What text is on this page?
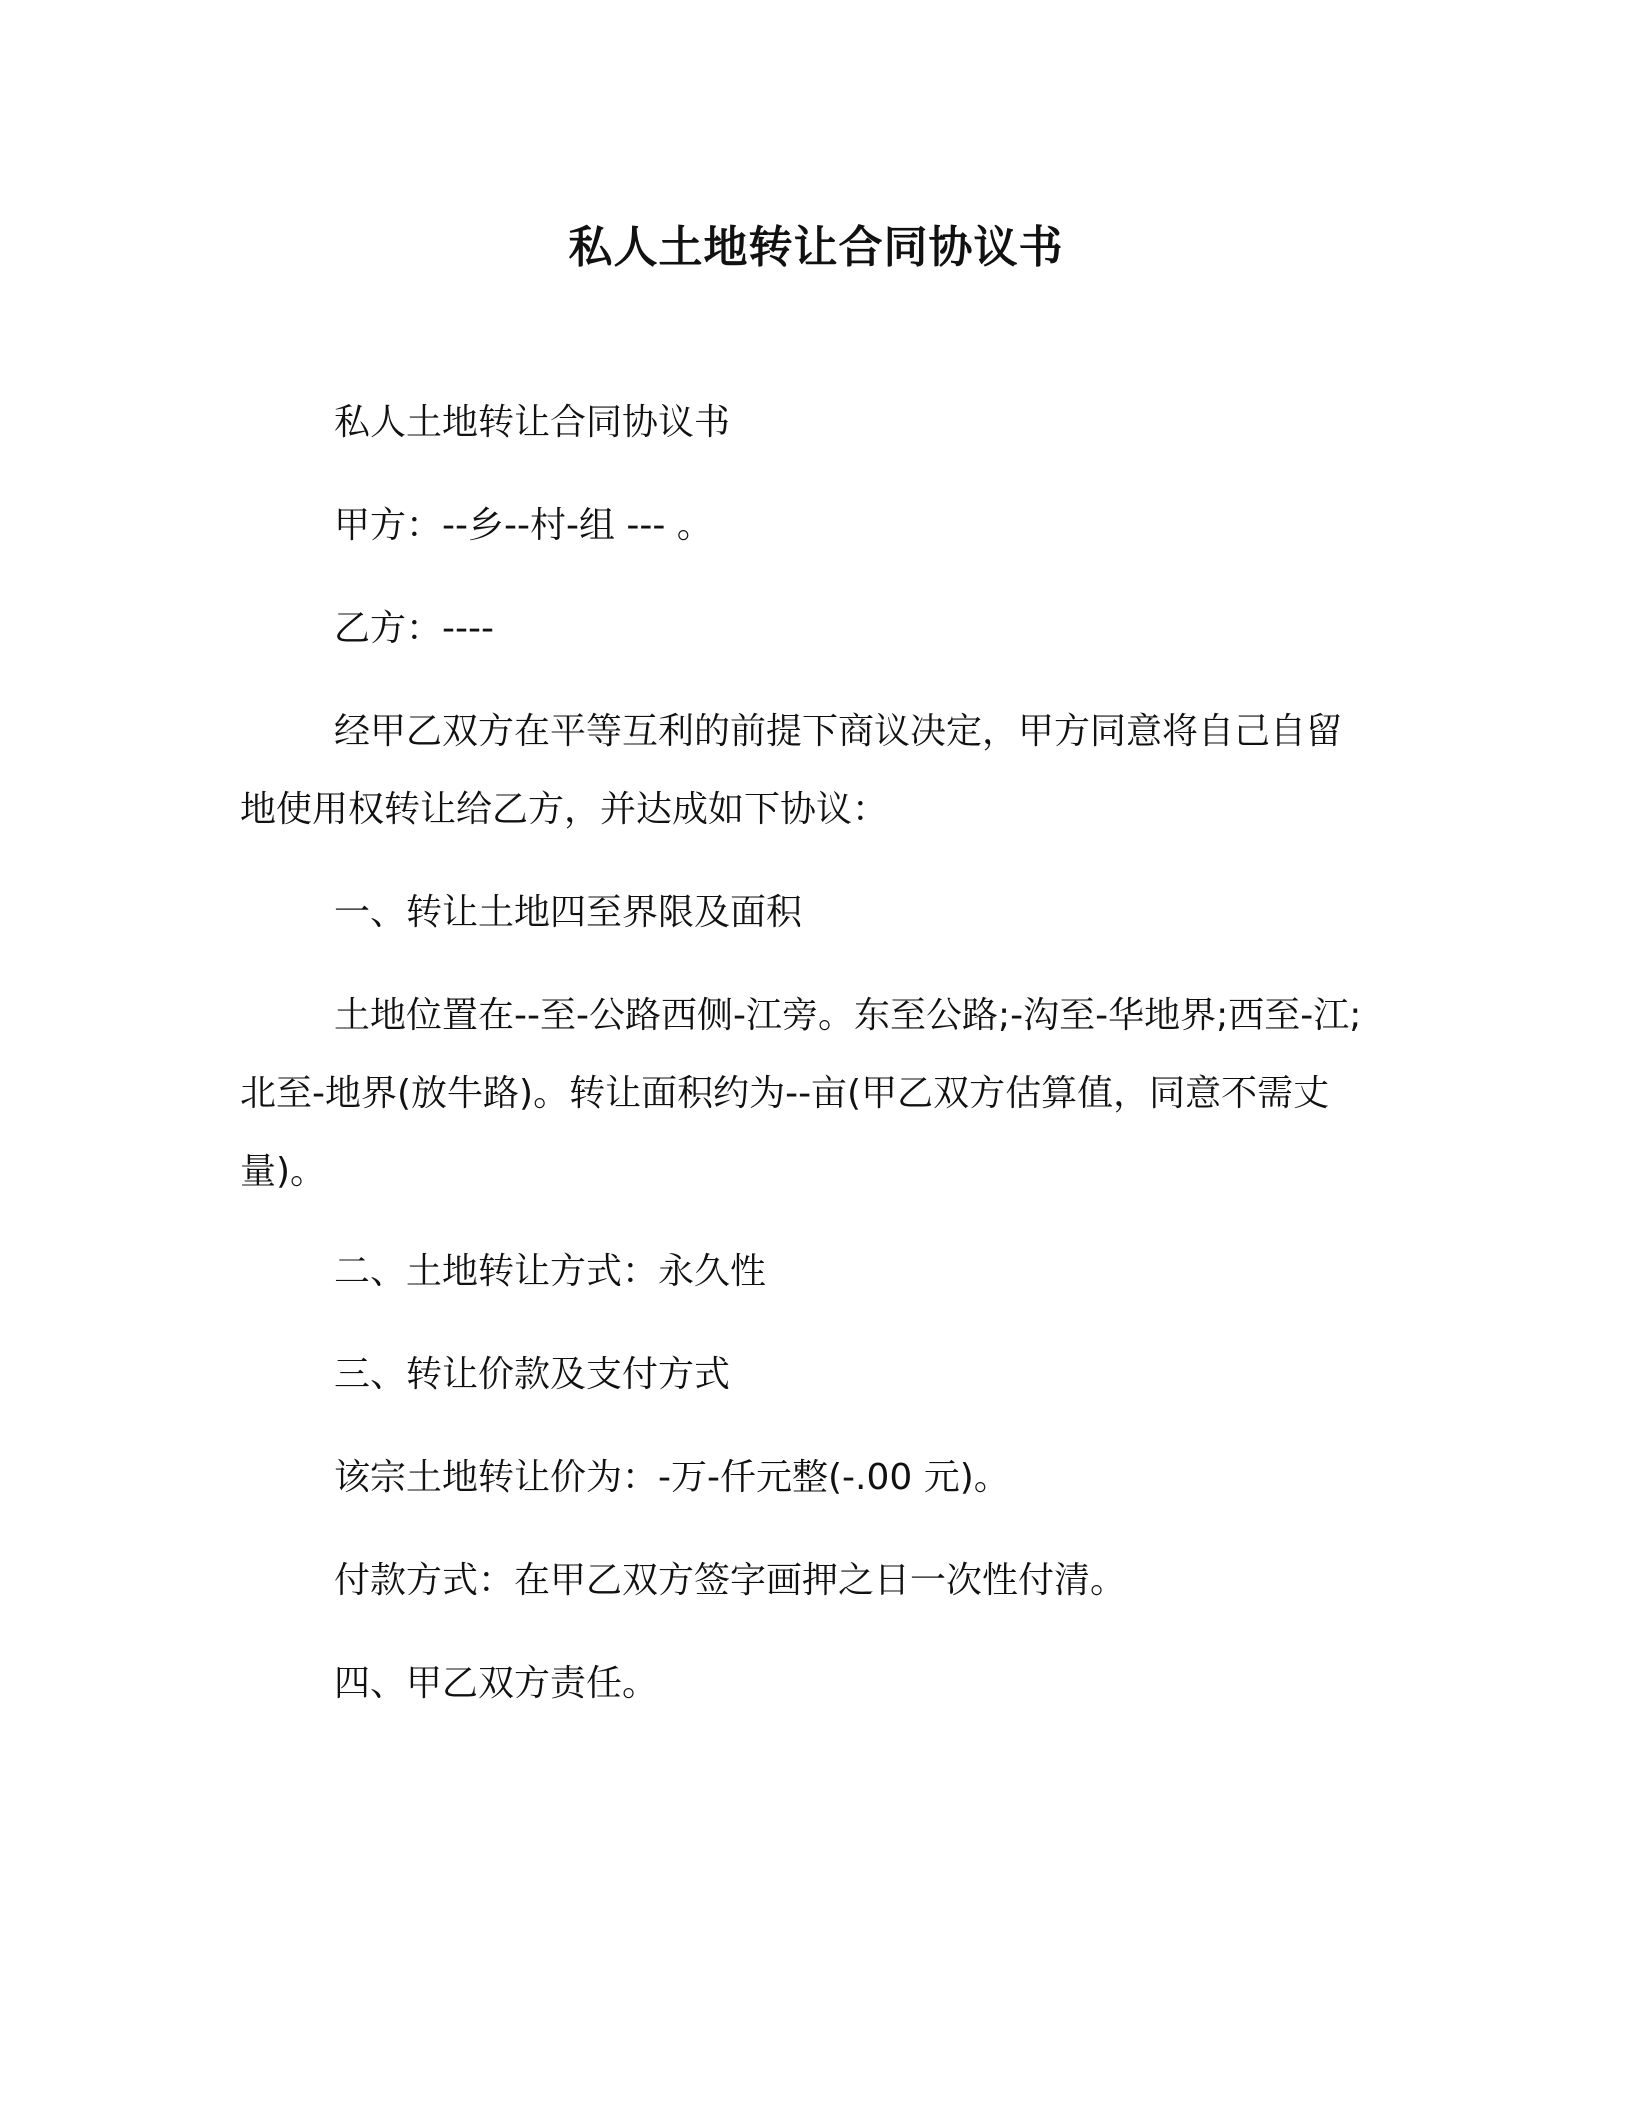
私人土地转让合同协议书
私人土地转让合同协议书
甲方：--乡--村-组 --- 。
乙方：----
经甲乙双方在平等互利的前提下商议决定，甲方同意将自己自留
地使用权转让给乙方，并达成如下协议：
一、转让土地四至界限及面积
土地位置在--至-公路西侧-江旁。东至公路;-沟至-华地界;西至-江;
北至-地界(放牛路)。转让面积约为--亩(甲乙双方估算值，同意不需丈
量)。
二、土地转让方式：永久性
三、转让价款及支付方式
该宗土地转让价为：-万-仟元整(-.00 元)。
付款方式：在甲乙双方签字画押之日一次性付清。
四、甲乙双方责任。
